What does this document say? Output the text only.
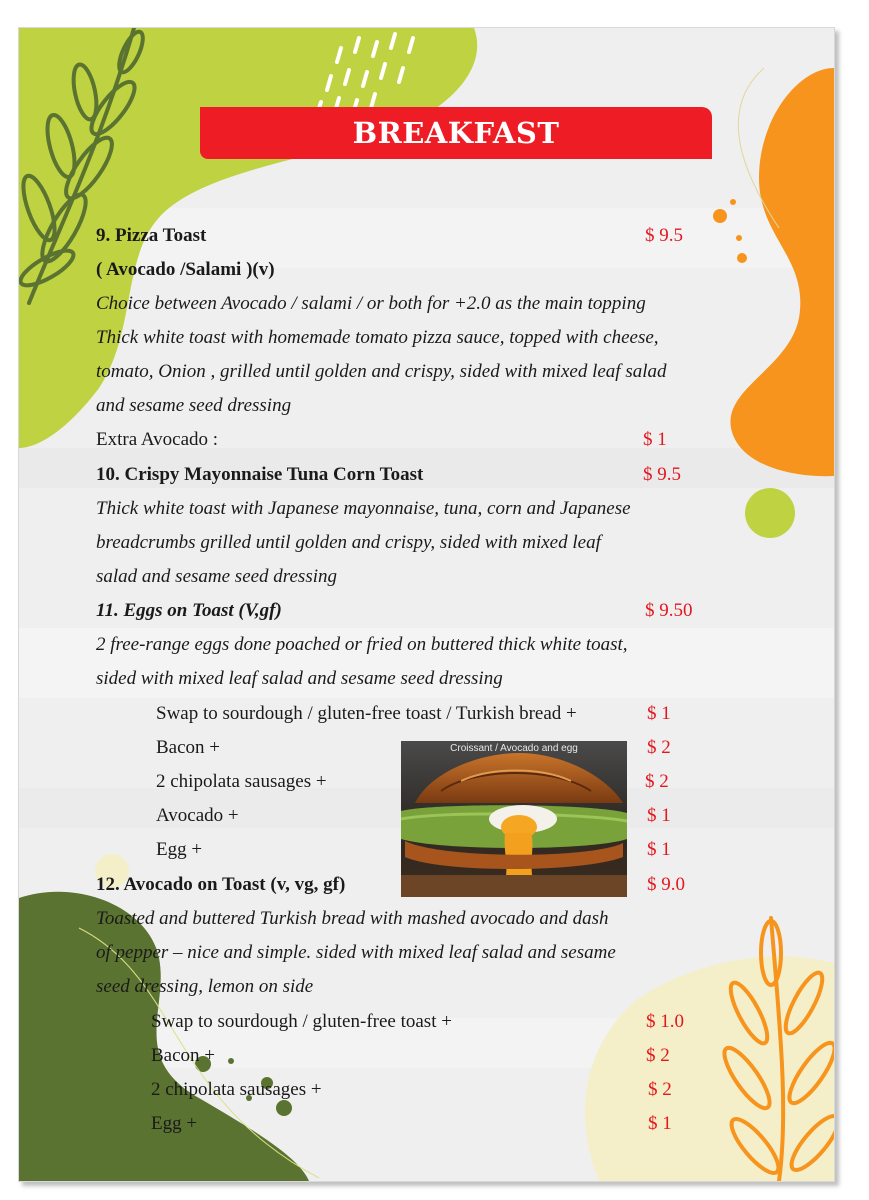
BREAKFAST
9. Pizza Toast	$ 9.5
( Avocado /Salami )(v)
Choice between Avocado / salami / or both for +2.0 as the main topping
Thick white toast with homemade tomato pizza sauce, topped with cheese,
tomato, Onion , grilled until golden and crispy, sided with mixed leaf salad
and sesame seed dressing
Extra Avocado :	$ 1
10. Crispy Mayonnaise Tuna Corn Toast	$ 9.5
Thick white toast with Japanese mayonnaise, tuna, corn and Japanese
breadcrumbs grilled until golden and crispy, sided with mixed leaf
salad and sesame seed dressing
11. Eggs on Toast (V,gf)	$ 9.50
2 free-range eggs done poached or fried on buttered thick white toast,
sided with mixed leaf salad and sesame seed dressing
Swap to sourdough / gluten-free toast / Turkish bread +	$ 1
Bacon +	$ 2
2 chipolata sausages +	$ 2
Avocado +	$ 1
Egg +	$ 1
Croissant / Avocado and egg
12. Avocado on Toast (v, vg, gf)	$ 9.0
Toasted and buttered Turkish bread with mashed avocado and dash
of pepper – nice and simple. sided with mixed leaf salad and sesame
seed dressing, lemon on side
Swap to sourdough / gluten-free toast +	$ 1.0
Bacon +	$ 2
2 chipolata sausages +	$ 2
Egg +	$ 1
